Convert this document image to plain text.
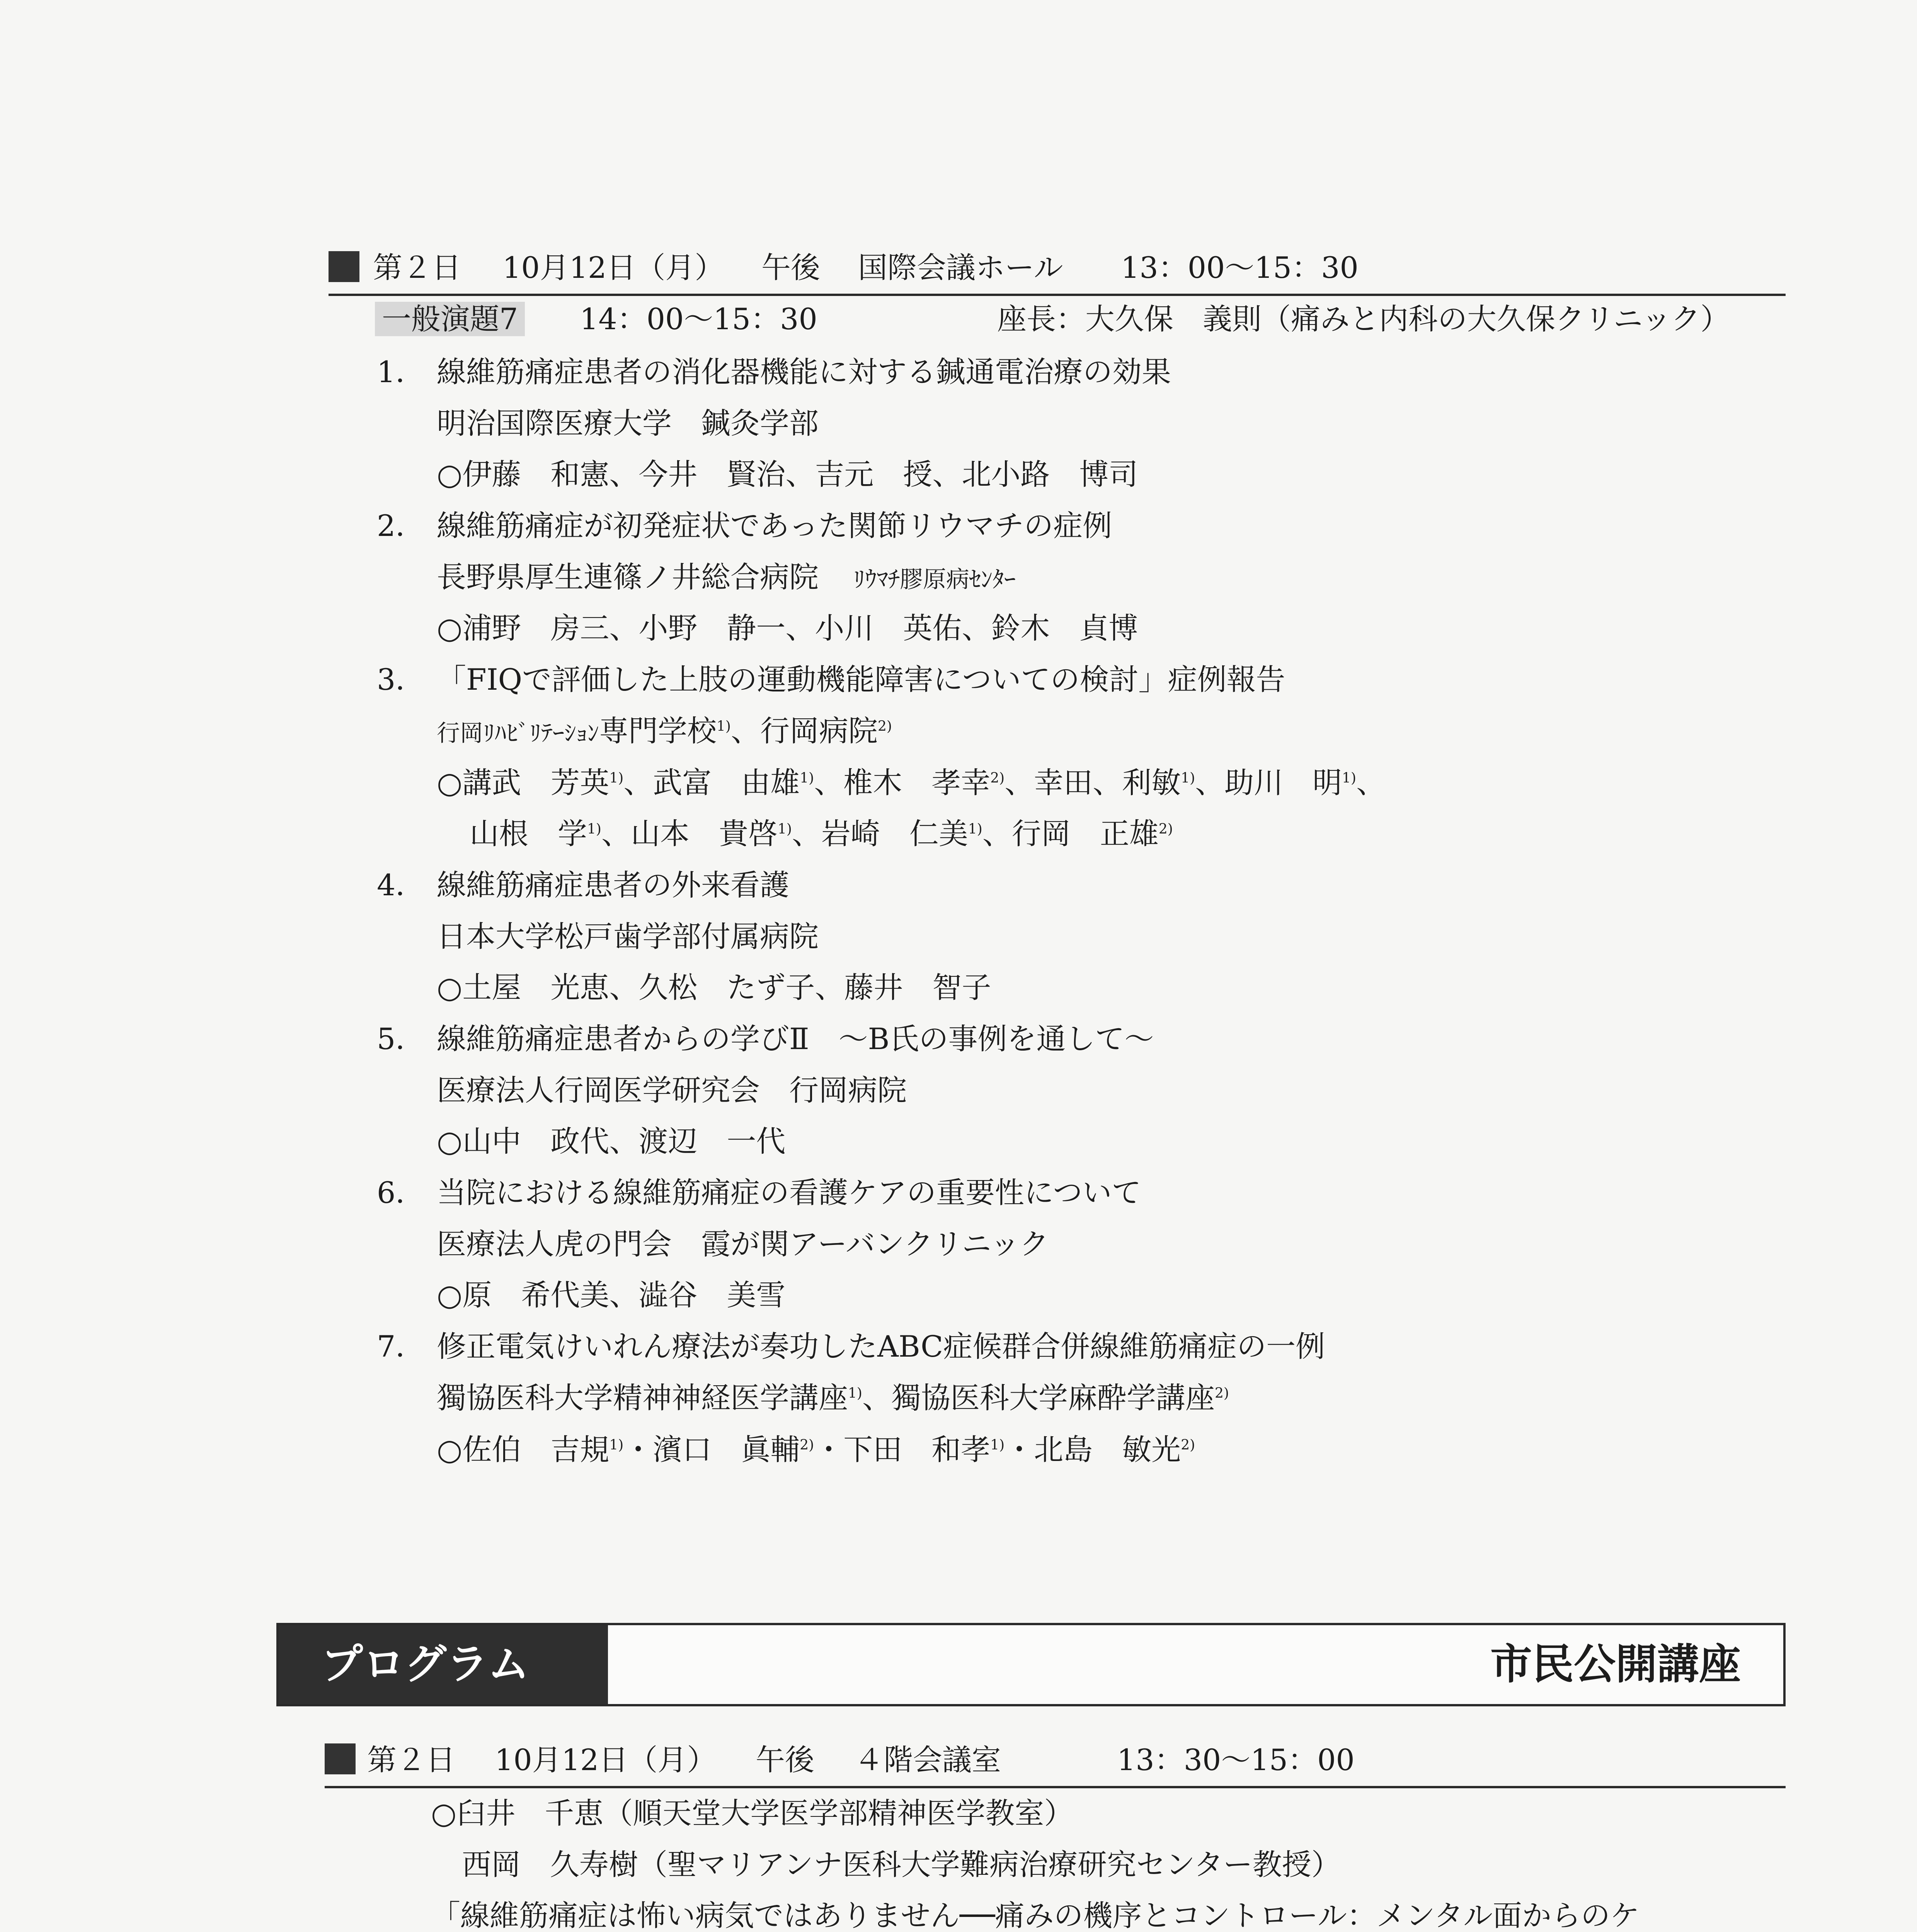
第２日 10月12日（月） 午後 国際会議ホール 13：00～15：30
一般演題7 14：00～15：30	座長：大久保　義則（痛みと内科の大久保クリニック）
1． 線維筋痛症患者の消化器機能に対する鍼通電治療の効果
明治国際医療大学　鍼灸学部
○伊藤　和憲、今井　賢治、吉元　授、北小路　博司
2． 線維筋痛症が初発症状であった関節リウマチの症例
長野県厚生連篠ノ井総合病院 ﾘｳﾏﾁ膠原病ｾﾝﾀｰ
○浦野　房三、小野　静一、小川　英佑、鈴木　貞博
3． 「FIQで評価した上肢の運動機能障害についての検討」症例報告
行岡ﾘﾊﾋﾞﾘﾃｰｼｮﾝ専門学校$^{1)}$、行岡病院$^{2)}$
○講武　芳英$^{1)}$、武富　由雄$^{1)}$、椎木　孝幸$^{2)}$、幸田、利敏$^{1)}$、助川　明$^{1)}$、
山根　学$^{1)}$、山本　貴啓$^{1)}$、岩崎　仁美$^{1)}$、行岡　正雄$^{2)}$
4． 線維筋痛症患者の外来看護
日本大学松戸歯学部付属病院
○土屋　光恵、久松　たず子、藤井　智子
5． 線維筋痛症患者からの学びⅡ　～B氏の事例を通して～
医療法人行岡医学研究会　行岡病院
○山中　政代、渡辺　一代
6． 当院における線維筋痛症の看護ケアの重要性について
医療法人虎の門会　霞が関アーバンクリニック
○原　希代美、澁谷　美雪
7． 修正電気けいれん療法が奏功したABC症候群合併線維筋痛症の一例
獨協医科大学精神神経医学講座$^{1)}$、獨協医科大学麻酔学講座$^{2)}$
○佐伯　吉規$^{1)}$・濱口　眞輔$^{2)}$・下田　和孝$^{1)}$・北島　敏光$^{2)}$
プログラム	市民公開講座
第２日 10月12日（月） 午後 ４階会議室	13：30～15：00
○臼井　千恵（順天堂大学医学部精神医学教室）
西岡　久寿樹（聖マリアンナ医科大学難病治療研究センター教授）
「線維筋痛症は怖い病気ではありません──痛みの機序とコントロール：メンタル面からのケ
